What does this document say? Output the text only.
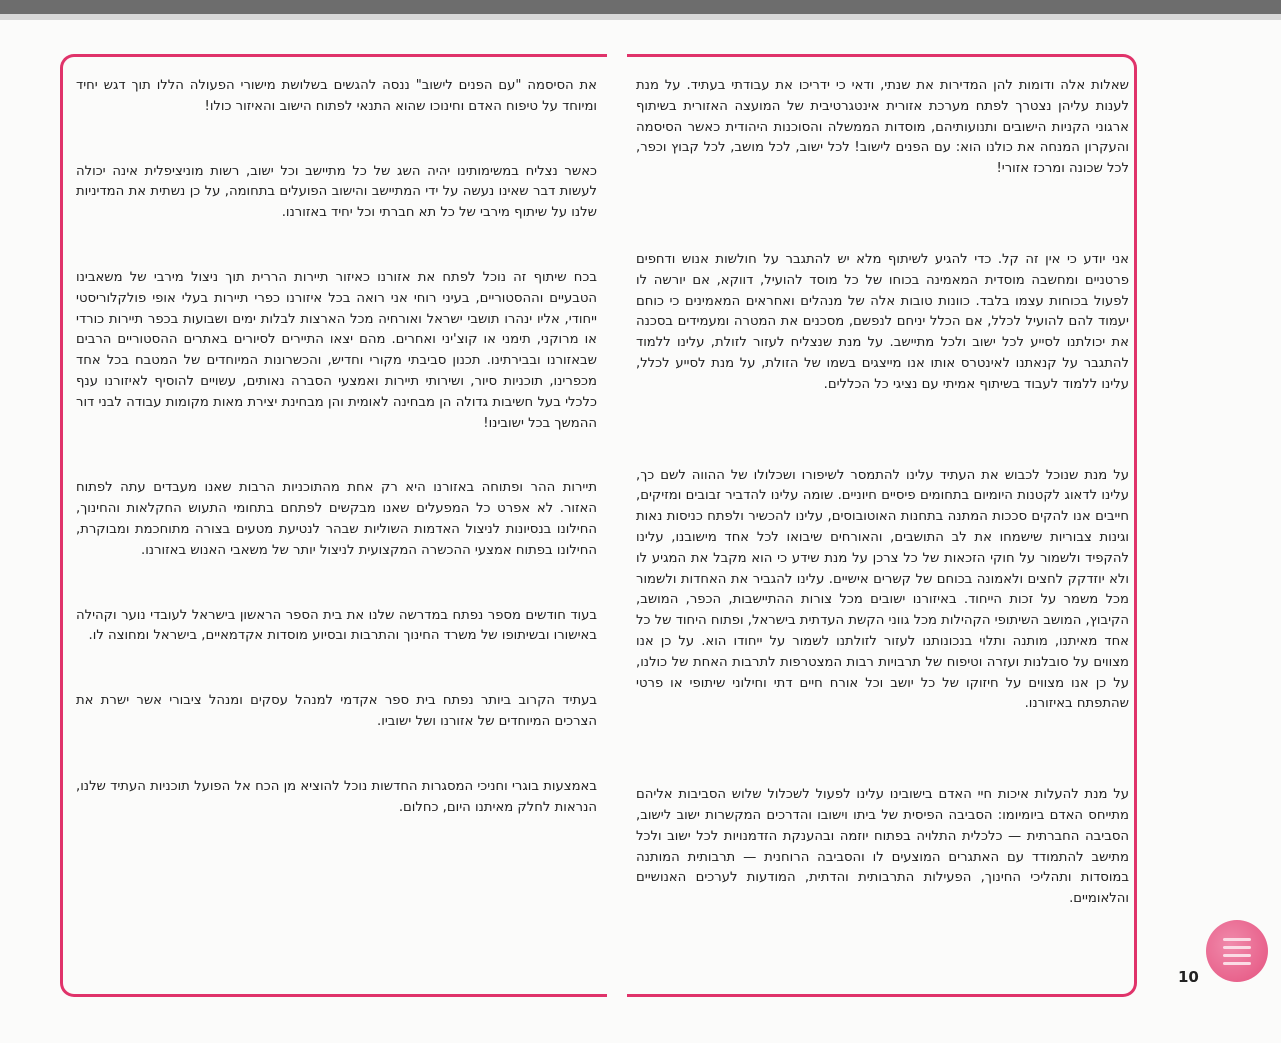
שאלות אלה ודומות להן המדירות את שנתי, ודאי כי ידריכו את עבודתי בעתיד. על מנת לענות עליהן נצטרך לפתח מערכת אזורית אינטגרטיבית של המועצה האזורית בשיתוף ארגוני הקניות הישובים ותנועותיהם, מוסדות הממשלה והסוכנות היהודית כאשר הסיסמה והעקרון המנחה את כולנו הוא: עם הפנים לישוב! לכל ישוב, לכל מושב, לכל קבוץ וכפר, לכל שכונה ומרכז אזורי!

אני יודע כי אין זה קל. כדי להגיע לשיתוף מלא יש להתגבר על חולשות אנוש ודחפים פרטניים ומחשבה מוסדית המאמינה בכוחו של כל מוסד להועיל, דווקא, אם יורשה לו לפעול בכוחות עצמו בלבד. כוונות טובות אלה של מנהלים ואחראים המאמינים כי כוחם יעמוד להם להועיל לכלל, אם הכלל יניחם לנפשם, מסכנים את המטרה ומעמידים בסכנה את יכולתנו לסייע לכל ישוב ולכל מתיישב. על מנת שנצליח לעזור לזולת, עלינו ללמוד להתגבר על קנאתנו לאינטרס אותו אנו מייצגים בשמו של הזולת, על מנת לסייע לכלל, עלינו ללמוד לעבוד בשיתוף אמיתי עם נציגי כל הכללים.

על מנת שנוכל לכבוש את העתיד עלינו להתמסר לשיפורו ושכלולו של ההווה לשם כך, עלינו לדאוג לקטנות היומיום בתחומים פיסיים חיוניים. שומה עלינו להדביר זבובים ומזיקים, חייבים אנו להקים סככות המתנה בתחנות האוטובוסים, עלינו להכשיר ולפתח כניסות נאות וגינות צבוריות שישמחו את לב התושבים, והאורחים שיבואו לכל אחד מישובנו, עלינו להקפיד ולשמור על חוקי הזכאות של כל צרכן על מנת שידע כי הוא מקבל את המגיע לו ולא יוזדקק לחצים ולאמונה בכוחם של קשרים אישיים. עלינו להגביר את האחדות ולשמור מכל משמר על זכות הייחוד. באיזורנו ישובים מכל צורות ההתיישבות, הכפר, המושב, הקיבוץ, המושב השיתופי הקהילות מכל גווני הקשת העדתית בישראל, ופתוח היחוד של כל אחד מאיתנו, מותנה ותלוי בנכונותנו לעזור לזולתנו לשמור על ייחודו הוא. על כן אנו מצווים על סובלנות ועזרה וטיפוח של תרבויות רבות המצטרפות לתרבות האחת של כולנו, על כן אנו מצווים על חיזוקו של כל יושב וכל אורח חיים דתי וחילוני שיתופי או פרטי שהתפתח באיזורנו.

על מנת להעלות איכות חיי האדם בישובינו עלינו לפעול לשכלול שלוש הסביבות אליהם מתייחס האדם ביומיומו: הסביבה הפיסית של ביתו וישובו והדרכים המקשרות ישוב לישוב, הסביבה החברתית — כלכלית התלויה בפתוח יוזמה ובהענקת הזדמנויות לכל ישוב ולכל מתישב להתמודד עם האתגרים המוצעים לו והסביבה הרוחנית — תרבותית המותנה במוסדות ותהליכי החינוך, הפעילות התרבותית והדתית, המודעות לערכים האנושיים והלאומיים.

את הסיסמה "עם הפנים לישוב" ננסה להגשים בשלושת מישורי הפעולה הללו תוך דגש יחיד ומיוחד על טיפוח האדם וחינוכו שהוא התנאי לפתוח הישוב והאיזור כולו!

כאשר נצליח במשימותינו יהיה השג של כל מתיישב וכל ישוב, רשות מוניציפלית אינה יכולה לעשות דבר שאינו נעשה על ידי המתיישב והישוב הפועלים בתחומה, על כן נשתית את המדיניות שלנו על שיתוף מירבי של כל תא חברתי וכל יחיד באזורנו.

בכח שיתוף זה נוכל לפתח את אזורנו כאיזור תיירות הררית תוך ניצול מירבי של משאבינו הטבעיים וההסטוריים, בעיני רוחי אני רואה בכל איזורנו כפרי תיירות בעלי אופי פולקלוריסטי ייחודי, אליו ינהרו תושבי ישראל ואורחיה מכל הארצות לבלות ימים ושבועות בכפר תיירות כורדי או מרוקני, תימני או קוצ'יני ואחרים. מהם יצאו התיירים לסיורים באתרים ההסטוריים הרבים שבאזורנו ובבירתינו. תכנון סביבתי מקורי וחדיש, והכשרונות המיוחדים של המטבח בכל אחד מכפרינו, תוכניות סיור, ושירותי תיירות ואמצעי הסברה נאותים, עשויים להוסיף לאיזורנו ענף כלכלי בעל חשיבות גדולה הן מבחינה לאומית והן מבחינת יצירת מאות מקומות עבודה לבני דור ההמשך בכל ישובינו!

תיירות ההר ופתוחה באזורנו היא רק אחת מהתוכניות הרבות שאנו מעבדים עתה לפתוח האזור. לא אפרט כל המפעלים שאנו מבקשים לפתחם בתחומי התעוש החקלאות והחינוך, החילונו בנסיונות לניצול האדמות השוליות שבהר לנטיעת מטעים בצורה מתוחכמת ומבוקרת, החילונו בפתוח אמצעי ההכשרה המקצועית לניצול יותר של משאבי האנוש באזורנו.

בעוד חודשים מספר נפתח במדרשה שלנו את בית הספר הראשון בישראל לעובדי נוער וקהילה באישורו ובשיתופו של משרד החינוך והתרבות ובסיוע מוסדות אקדמאיים, בישראל ומחוצה לו.

בעתיד הקרוב ביותר נפתח בית ספר אקדמי למנהל עסקים ומנהל ציבורי אשר ישרת את הצרכים המיוחדים של אזורנו ושל ישוביו.

באמצעות בוגרי וחניכי המסגרות החדשות נוכל להוציא מן הכח אל הפועל תוכניות העתיד שלנו, הנראות לחלק מאיתנו היום, כחלום.

10
